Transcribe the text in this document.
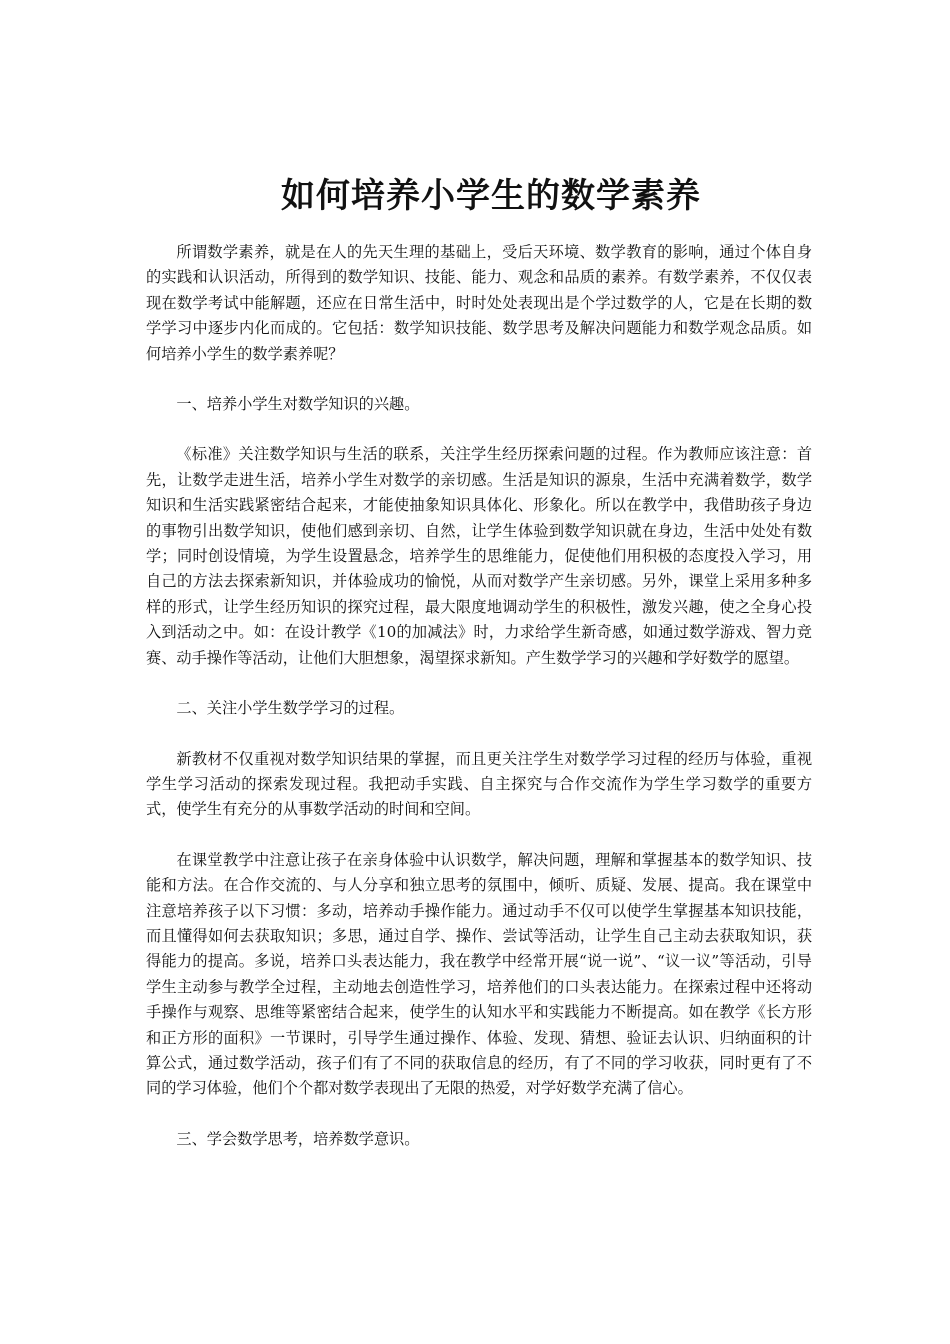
如何培养小学生的数学素养

所谓数学素养，就是在人的先天生理的基础上，受后天环境、数学教育的影响，通过个体自身的实践和认识活动，所得到的数学知识、技能、能力、观念和品质的素养。有数学素养，不仅仅表现在数学考试中能解题，还应在日常生活中，时时处处表现出是个学过数学的人，它是在长期的数学学习中逐步内化而成的。它包括：数学知识技能、数学思考及解决问题能力和数学观念品质。如何培养小学生的数学素养呢？

一、培养小学生对数学知识的兴趣。

《标准》关注数学知识与生活的联系，关注学生经历探索问题的过程。作为教师应该注意：首先，让数学走进生活，培养小学生对数学的亲切感。生活是知识的源泉，生活中充满着数学，数学知识和生活实践紧密结合起来，才能使抽象知识具体化、形象化。所以在教学中，我借助孩子身边的事物引出数学知识，使他们感到亲切、自然，让学生体验到数学知识就在身边，生活中处处有数学；同时创设情境，为学生设置悬念，培养学生的思维能力，促使他们用积极的态度投入学习，用自己的方法去探索新知识，并体验成功的愉悦，从而对数学产生亲切感。另外，课堂上采用多种多样的形式，让学生经历知识的探究过程，最大限度地调动学生的积极性，激发兴趣，使之全身心投入到活动之中。如：在设计教学《10的加减法》时，力求给学生新奇感，如通过数学游戏、智力竞赛、动手操作等活动，让他们大胆想象，渴望探求新知。产生数学学习的兴趣和学好数学的愿望。

二、关注小学生数学学习的过程。

新教材不仅重视对数学知识结果的掌握，而且更关注学生对数学学习过程的经历与体验，重视学生学习活动的探索发现过程。我把动手实践、自主探究与合作交流作为学生学习数学的重要方式，使学生有充分的从事数学活动的时间和空间。

在课堂教学中注意让孩子在亲身体验中认识数学，解决问题，理解和掌握基本的数学知识、技能和方法。在合作交流的、与人分享和独立思考的氛围中，倾听、质疑、发展、提高。我在课堂中注意培养孩子以下习惯：多动，培养动手操作能力。通过动手不仅可以使学生掌握基本知识技能，而且懂得如何去获取知识；多思，通过自学、操作、尝试等活动，让学生自己主动去获取知识，获得能力的提高。多说，培养口头表达能力，我在教学中经常开展“说一说”、“议一议”等活动，引导学生主动参与教学全过程，主动地去创造性学习，培养他们的口头表达能力。在探索过程中还将动手操作与观察、思维等紧密结合起来，使学生的认知水平和实践能力不断提高。如在教学《长方形和正方形的面积》一节课时，引导学生通过操作、体验、发现、猜想、验证去认识、归纳面积的计算公式，通过数学活动，孩子们有了不同的获取信息的经历，有了不同的学习收获，同时更有了不同的学习体验，他们个个都对数学表现出了无限的热爱，对学好数学充满了信心。

三、学会数学思考，培养数学意识。
